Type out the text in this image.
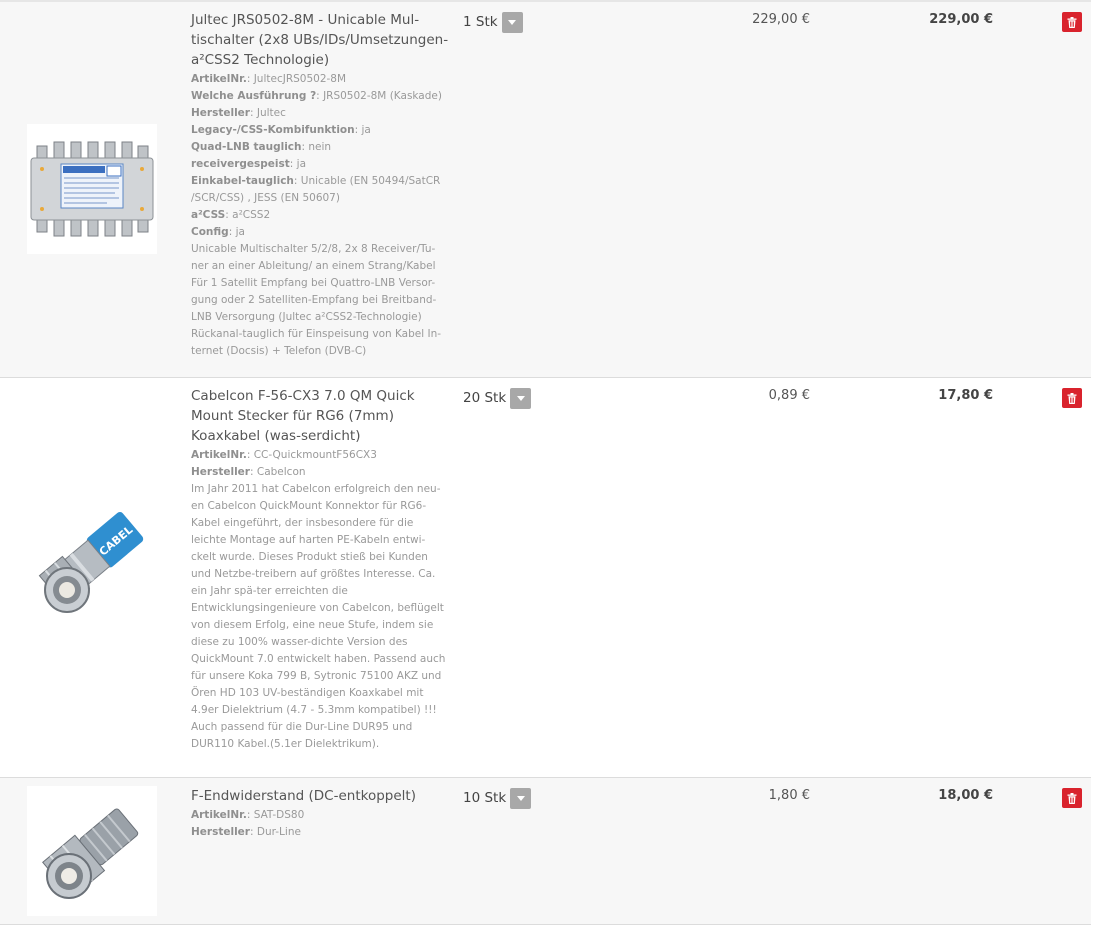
Jultec JRS0502-8M - Unicable Mul-tischalter (2x8 UBs/IDs/Umsetzungen-a²CSS2 Technologie)
ArtikelNr.: JultecJRS0502-8M
Welche Ausführung ?: JRS0502-8M (Kaskade)
Hersteller: Jultec
Legacy-/CSS-Kombifunktion: ja
Quad-LNB tauglich: nein
receivergespeist: ja
Einkabel-tauglich: Unicable (EN 50494/SatCR /SCR/CSS) , JESS (EN 50607)
a²CSS: a²CSS2
Config: ja
Unicable Multischalter 5/2/8, 2x 8 Receiver/Tu-ner an einer Ableitung/ an einem Strang/Kabel Für 1 Satellit Empfang bei Quattro-LNB Versor-gung oder 2 Satelliten-Empfang bei Breitband-LNB Versorgung (Jultec a²CSS2-Technologie) Rückanal-tauglich für Einspeisung von Kabel In-ternet (Docsis) + Telefon (DVB-C)
1 Stk	229,00 €	229,00 €
CABEL
Cabelcon F-56-CX3 7.0 QM Quick Mount Stecker für RG6 (7mm) Koaxkabel (was-serdicht)
ArtikelNr.: CC-QuickmountF56CX3
Hersteller: Cabelcon
Im Jahr 2011 hat Cabelcon erfolgreich den neu-en Cabelcon QuickMount Konnektor für RG6-Kabel eingeführt, der insbesondere für die leichte Montage auf harten PE-Kabeln entwi-ckelt wurde. Dieses Produkt stieß bei Kunden und Netzbe-treibern auf größtes Interesse. Ca. ein Jahr spä-ter erreichten die Entwicklungsingenieure von Cabelcon, beflügelt von diesem Erfolg, eine neue Stufe, indem sie diese zu 100% wasser-dichte Version des QuickMount 7.0 entwickelt haben. Passend auch für unsere Koka 799 B, Sytronic 75100 AKZ und Ören HD 103 UV-beständigen Koaxkabel mit 4.9er Dielektrium (4.7 - 5.3mm kompatibel) !!! Auch passend für die Dur-Line DUR95 und DUR110 Kabel.(5.1er Dielektrikum).
20 Stk	0,89 €	17,80 €
F-Endwiderstand (DC-entkoppelt)
ArtikelNr.: SAT-DS80
Hersteller: Dur-Line
10 Stk	1,80 €	18,00 €
